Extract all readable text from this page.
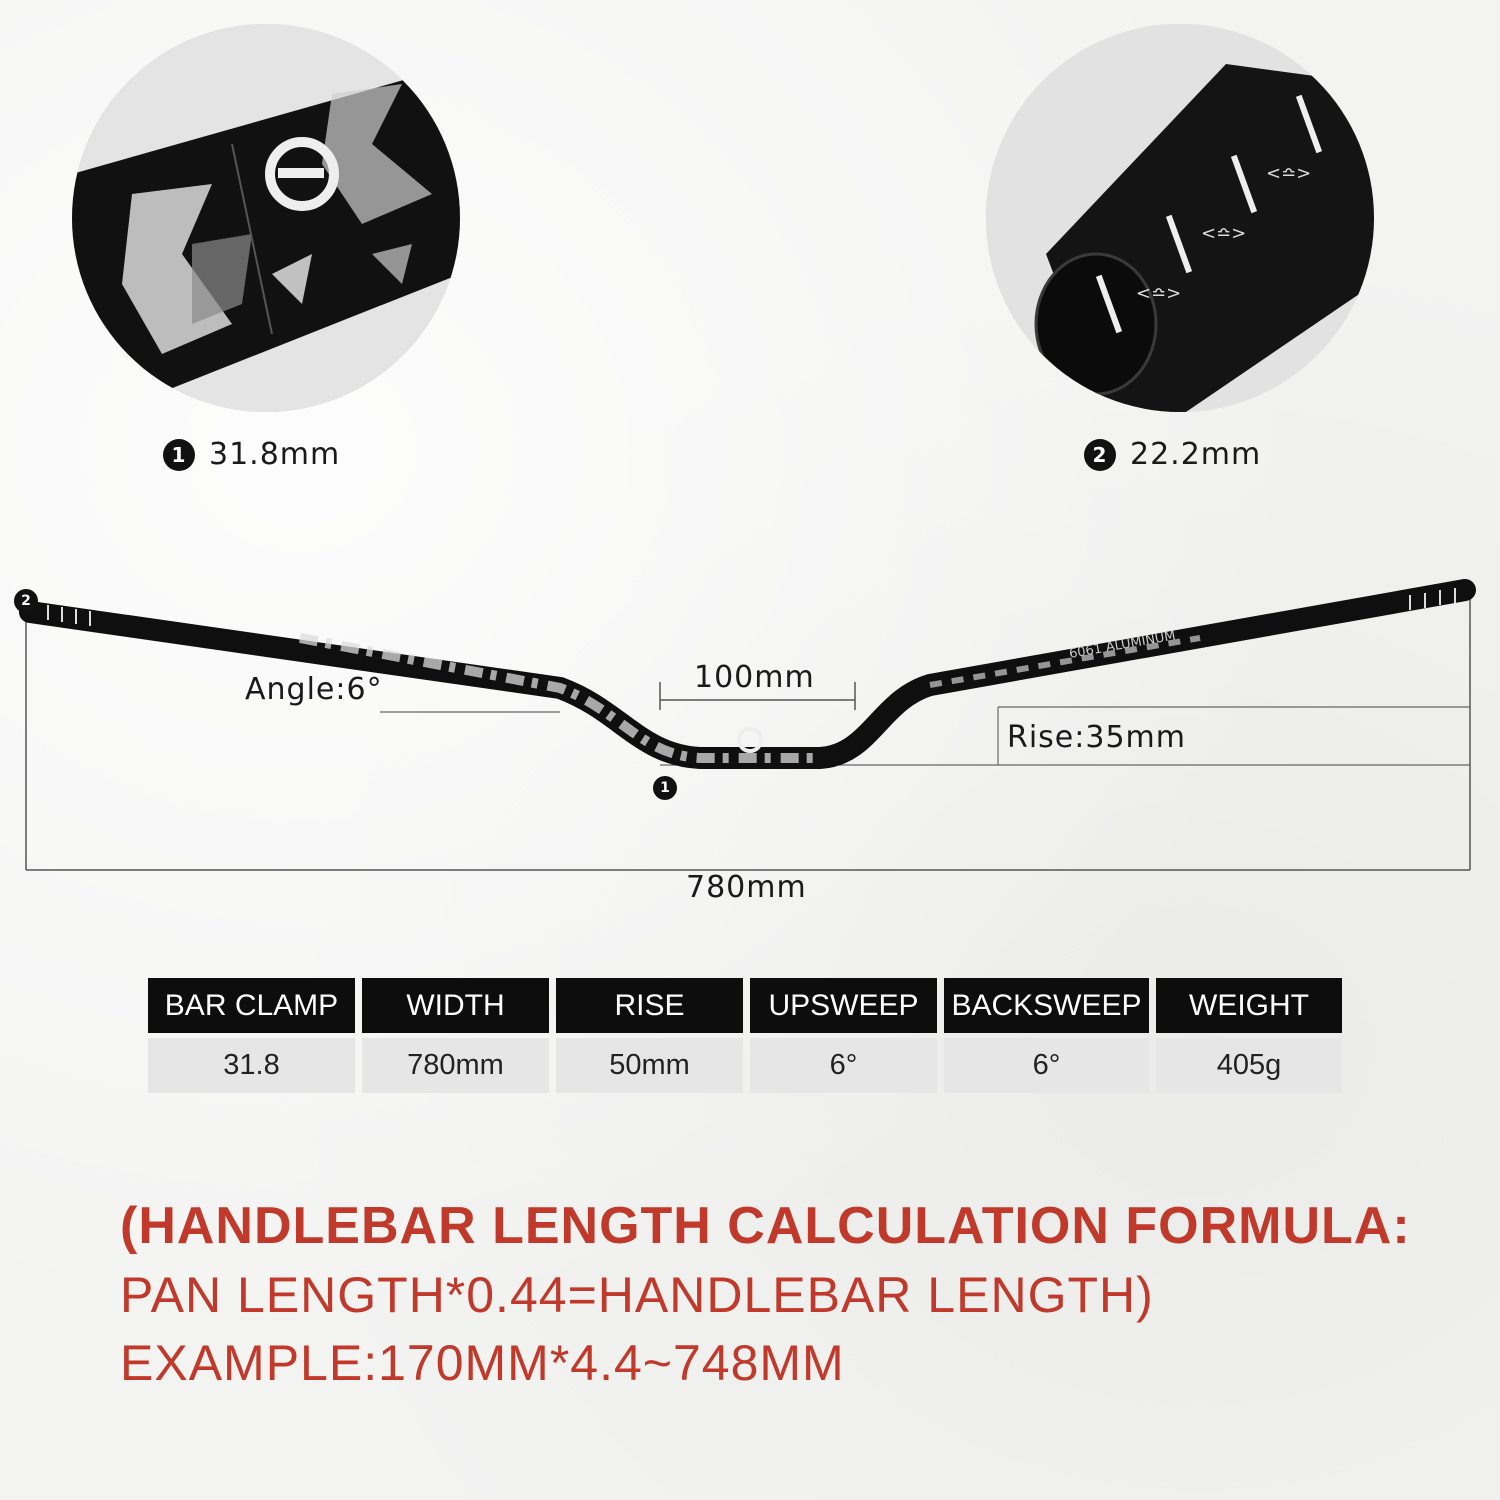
1 31.8mm
<≏>
<≏>
<≏>
2 22.2mm
6061 ALUMINUM
2
1
Angle:6°	100mm
Rise:35mm
780mm
BAR CLAMP
31.8
WIDTH
780mm
RISE
50mm
UPSWEEP
6°
BACKSWEEP
6°
WEIGHT
405g
(HANDLEBAR LENGTH CALCULATION FORMULA:
PAN LENGTH*0.44=HANDLEBAR LENGTH)
EXAMPLE:170MM*4.4~748MM
